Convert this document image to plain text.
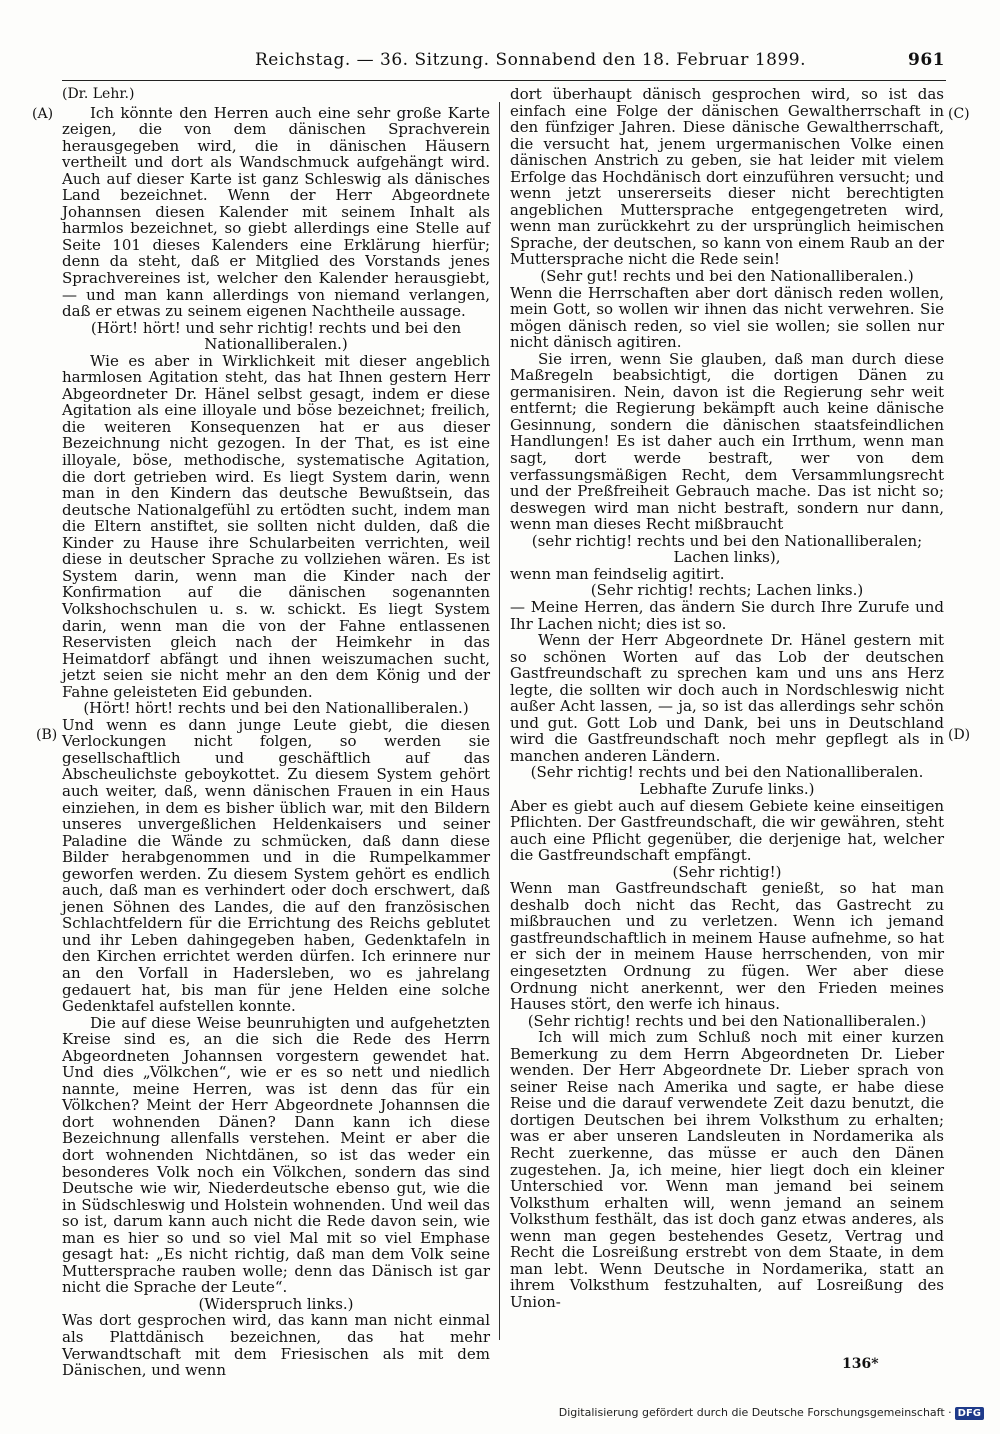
Reichstag. — 36. Sitzung. Sonnabend den 18. Februar 1899.	961
(A)
(B)
(C)
(D)
(Dr. Lehr.)

Ich könnte den Herren auch eine sehr große Karte zeigen, die von dem dänischen Sprachverein herausgegeben wird, die in dänischen Häusern vertheilt und dort als Wandschmuck aufgehängt wird. Auch auf dieser Karte ist ganz Schleswig als dänisches Land bezeichnet. Wenn der Herr Abgeordnete Johannsen diesen Kalender mit seinem Inhalt als harmlos bezeichnet, so giebt allerdings eine Stelle auf Seite 101 dieses Kalenders eine Erklärung hierfür; denn da steht, daß er Mitglied des Vorstands jenes Sprachvereines ist, welcher den Kalender herausgiebt, — und man kann allerdings von niemand verlangen, daß er etwas zu seinem eigenen Nachtheile aussage.

(Hört! hört! und sehr richtig! rechts und bei den Nationalliberalen.)

Wie es aber in Wirklichkeit mit dieser angeblich harmlosen Agitation steht, das hat Ihnen gestern Herr Abgeordneter Dr. Hänel selbst gesagt, indem er diese Agitation als eine illoyale und böse bezeichnet; freilich, die weiteren Konsequenzen hat er aus dieser Bezeichnung nicht gezogen. In der That, es ist eine illoyale, böse, methodische, systematische Agitation, die dort getrieben wird. Es liegt System darin, wenn man in den Kindern das deutsche Bewußtsein, das deutsche Nationalgefühl zu ertödten sucht, indem man die Eltern anstiftet, sie sollten nicht dulden, daß die Kinder zu Hause ihre Schularbeiten verrichten, weil diese in deutscher Sprache zu vollziehen wären. Es ist System darin, wenn man die Kinder nach der Konfirmation auf die dänischen sogenannten Volkshochschulen u. s. w. schickt. Es liegt System darin, wenn man die von der Fahne entlassenen Reservisten gleich nach der Heimkehr in das Heimatdorf abfängt und ihnen weiszumachen sucht, jetzt seien sie nicht mehr an den dem König und der Fahne geleisteten Eid gebunden.

(Hört! hört! rechts und bei den Nationalliberalen.)

Und wenn es dann junge Leute giebt, die diesen Verlockungen nicht folgen, so werden sie gesellschaftlich und geschäftlich auf das Abscheulichste geboykottet. Zu diesem System gehört auch weiter, daß, wenn dänischen Frauen in ein Haus einziehen, in dem es bisher üblich war, mit den Bildern unseres unvergeßlichen Heldenkaisers und seiner Paladine die Wände zu schmücken, daß dann diese Bilder herabgenommen und in die Rumpelkammer geworfen werden. Zu diesem System gehört es endlich auch, daß man es verhindert oder doch erschwert, daß jenen Söhnen des Landes, die auf den französischen Schlachtfeldern für die Errichtung des Reichs geblutet und ihr Leben dahingegeben haben, Gedenktafeln in den Kirchen errichtet werden dürfen. Ich erinnere nur an den Vorfall in Hadersleben, wo es jahrelang gedauert hat, bis man für jene Helden eine solche Gedenktafel aufstellen konnte.

Die auf diese Weise beunruhigten und aufgehetzten Kreise sind es, an die sich die Rede des Herrn Abgeordneten Johannsen vorgestern gewendet hat. Und dies „Völkchen“, wie er es so nett und niedlich nannte, meine Herren, was ist denn das für ein Völkchen? Meint der Herr Abgeordnete Johannsen die dort wohnenden Dänen? Dann kann ich diese Bezeichnung allenfalls verstehen. Meint er aber die dort wohnenden Nichtdänen, so ist das weder ein besonderes Volk noch ein Völkchen, sondern das sind Deutsche wie wir, Niederdeutsche ebenso gut, wie die in Südschleswig und Holstein wohnenden. Und weil das so ist, darum kann auch nicht die Rede davon sein, wie man es hier so und so viel Mal mit so viel Emphase gesagt hat: „Es nicht richtig, daß man dem Volk seine Muttersprache rauben wolle; denn das Dänisch ist gar nicht die Sprache der Leute“.

(Widerspruch links.)

Was dort gesprochen wird, das kann man nicht einmal als Plattdänisch bezeichnen, das hat mehr Verwandtschaft mit dem Friesischen als mit dem Dänischen, und wenn

dort überhaupt dänisch gesprochen wird, so ist das einfach eine Folge der dänischen Gewaltherrschaft in den fünfziger Jahren. Diese dänische Gewaltherrschaft, die versucht hat, jenem urgermanischen Volke einen dänischen Anstrich zu geben, sie hat leider mit vielem Erfolge das Hochdänisch dort einzuführen versucht; und wenn jetzt unsererseits dieser nicht berechtigten angeblichen Muttersprache entgegengetreten wird, wenn man zurückkehrt zu der ursprünglich heimischen Sprache, der deutschen, so kann von einem Raub an der Muttersprache nicht die Rede sein!

(Sehr gut! rechts und bei den Nationalliberalen.)

Wenn die Herrschaften aber dort dänisch reden wollen, mein Gott, so wollen wir ihnen das nicht verwehren. Sie mögen dänisch reden, so viel sie wollen; sie sollen nur nicht dänisch agitiren.

Sie irren, wenn Sie glauben, daß man durch diese Maßregeln beabsichtigt, die dortigen Dänen zu germanisiren. Nein, davon ist die Regierung sehr weit entfernt; die Regierung bekämpft auch keine dänische Gesinnung, sondern die dänischen staatsfeindlichen Handlungen! Es ist daher auch ein Irrthum, wenn man sagt, dort werde bestraft, wer von dem verfassungsmäßigen Recht, dem Versammlungsrecht und der Preßfreiheit Gebrauch mache. Das ist nicht so; deswegen wird man nicht bestraft, sondern nur dann, wenn man dieses Recht mißbraucht

(sehr richtig! rechts und bei den Nationalliberalen; Lachen links),

wenn man feindselig agitirt.

(Sehr richtig! rechts; Lachen links.)

— Meine Herren, das ändern Sie durch Ihre Zurufe und Ihr Lachen nicht; dies ist so.

Wenn der Herr Abgeordnete Dr. Hänel gestern mit so schönen Worten auf das Lob der deutschen Gastfreundschaft zu sprechen kam und uns ans Herz legte, die sollten wir doch auch in Nordschleswig nicht außer Acht lassen, — ja, so ist das allerdings sehr schön und gut. Gott Lob und Dank, bei uns in Deutschland wird die Gastfreundschaft noch mehr gepflegt als in manchen anderen Ländern.

(Sehr richtig! rechts und bei den Nationalliberalen. Lebhafte Zurufe links.)

Aber es giebt auch auf diesem Gebiete keine einseitigen Pflichten. Der Gastfreundschaft, die wir gewähren, steht auch eine Pflicht gegenüber, die derjenige hat, welcher die Gastfreundschaft empfängt.

(Sehr richtig!)

Wenn man Gastfreundschaft genießt, so hat man deshalb doch nicht das Recht, das Gastrecht zu mißbrauchen und zu verletzen. Wenn ich jemand gastfreundschaftlich in meinem Hause aufnehme, so hat er sich der in meinem Hause herrschenden, von mir eingesetzten Ordnung zu fügen. Wer aber diese Ordnung nicht anerkennt, wer den Frieden meines Hauses stört, den werfe ich hinaus.

(Sehr richtig! rechts und bei den Nationalliberalen.)

Ich will mich zum Schluß noch mit einer kurzen Bemerkung zu dem Herrn Abgeordneten Dr. Lieber wenden. Der Herr Abgeordnete Dr. Lieber sprach von seiner Reise nach Amerika und sagte, er habe diese Reise und die darauf verwendete Zeit dazu benutzt, die dortigen Deutschen bei ihrem Volksthum zu erhalten; was er aber unseren Landsleuten in Nordamerika als Recht zuerkenne, das müsse er auch den Dänen zugestehen. Ja, ich meine, hier liegt doch ein kleiner Unterschied vor. Wenn man jemand bei seinem Volksthum erhalten will, wenn jemand an seinem Volksthum festhält, das ist doch ganz etwas anderes, als wenn man gegen bestehendes Gesetz, Vertrag und Recht die Losreißung erstrebt von dem Staate, in dem man lebt. Wenn Deutsche in Nordamerika, statt an ihrem Volksthum festzuhalten, auf Losreißung des Union-

136*
Digitalisierung gefördert durch die Deutsche Forschungsgemeinschaft · DFG
